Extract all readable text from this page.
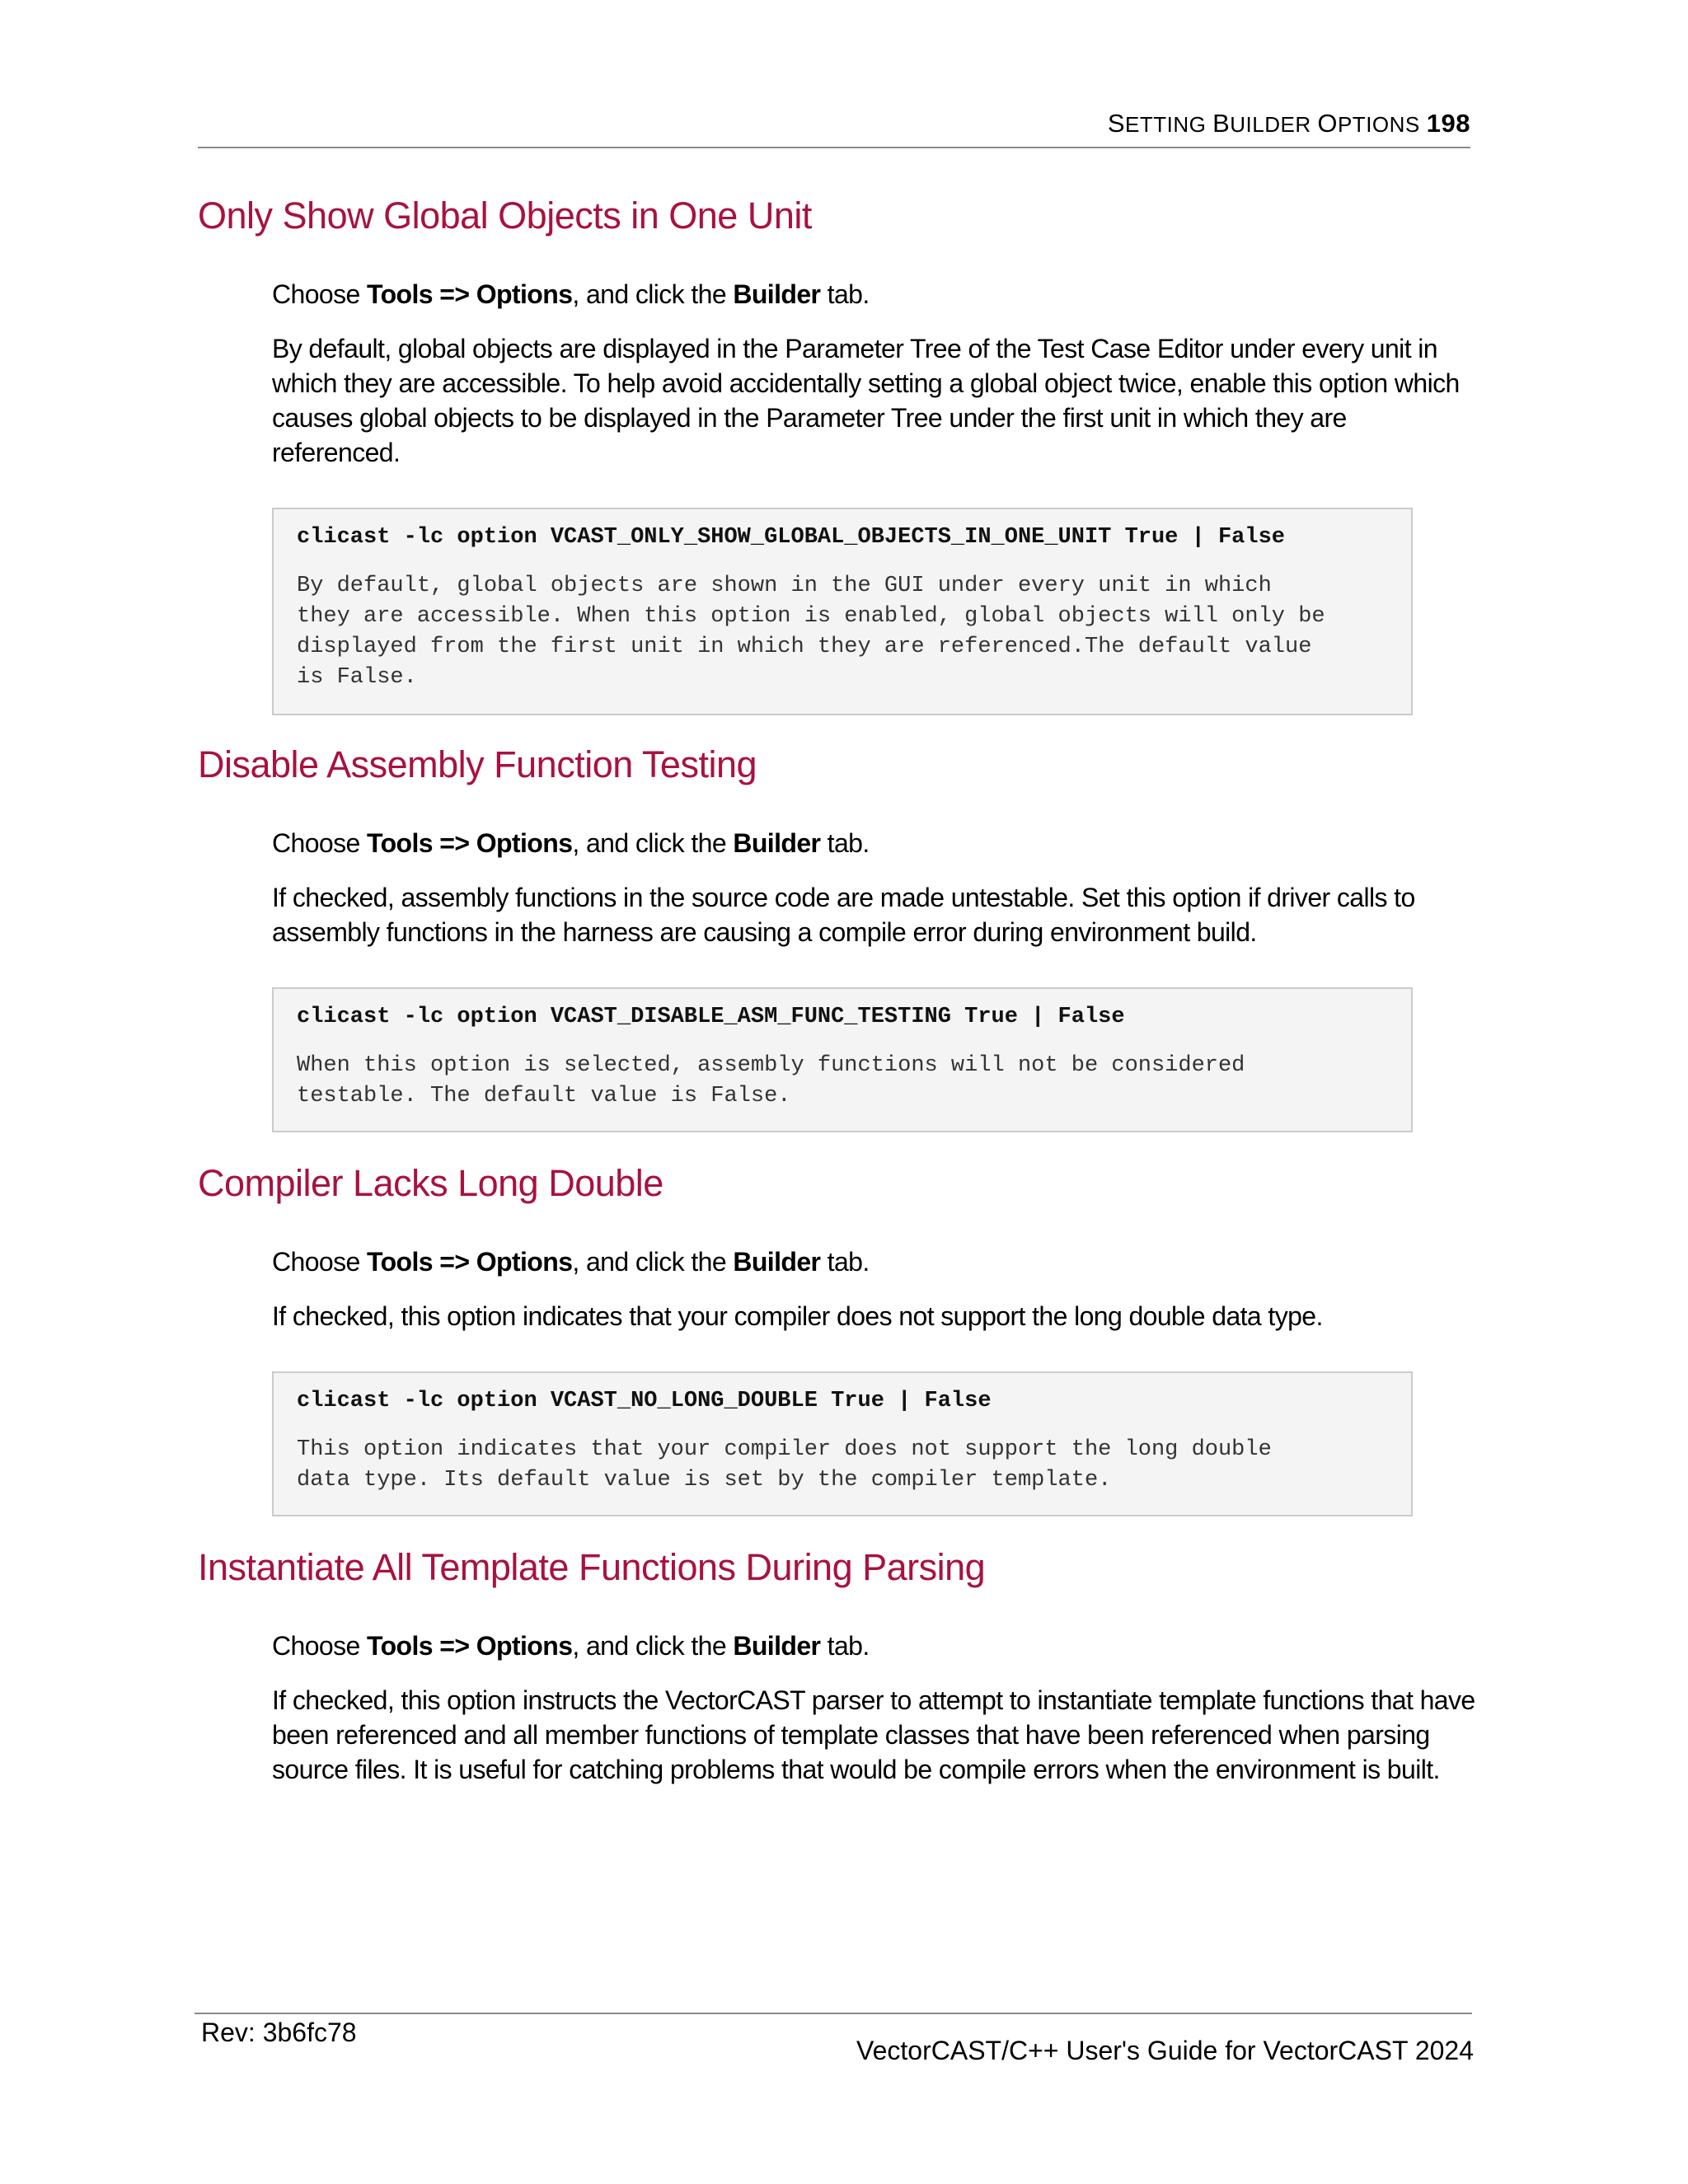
SETTING BUILDER OPTIONS 198
Only Show Global Objects in One Unit

Choose Tools => Options, and click the Builder tab.

By default, global objects are displayed in the Parameter Tree of the Test Case Editor under every unit in which they are accessible. To help avoid accidentally setting a global object twice, enable this option which causes global objects to be displayed in the Parameter Tree under the first unit in which they are referenced.

clicast -lc option VCAST_ONLY_SHOW_GLOBAL_OBJECTS_IN_ONE_UNIT True | False

By default, global objects are shown in the GUI under every unit in which
they are accessible. When this option is enabled, global objects will only be
displayed from the first unit in which they are referenced.The default value
is False.

Disable Assembly Function Testing

Choose Tools => Options, and click the Builder tab.

If checked, assembly functions in the source code are made untestable. Set this option if driver calls to assembly functions in the harness are causing a compile error during environment build.

clicast -lc option VCAST_DISABLE_ASM_FUNC_TESTING True | False

When this option is selected, assembly functions will not be considered
testable. The default value is False.

Compiler Lacks Long Double

Choose Tools => Options, and click the Builder tab.

If checked, this option indicates that your compiler does not support the long double data type.

clicast -lc option VCAST_NO_LONG_DOUBLE True | False

This option indicates that your compiler does not support the long double
data type. Its default value is set by the compiler template.

Instantiate All Template Functions During Parsing

Choose Tools => Options, and click the Builder tab.

If checked, this option instructs the VectorCAST parser to attempt to instantiate template functions that have been referenced and all member functions of template classes that have been referenced when parsing source files. It is useful for catching problems that would be compile errors when the environment is built.

Rev: 3b6fc78
VectorCAST/C++ User's Guide for VectorCAST 2024
